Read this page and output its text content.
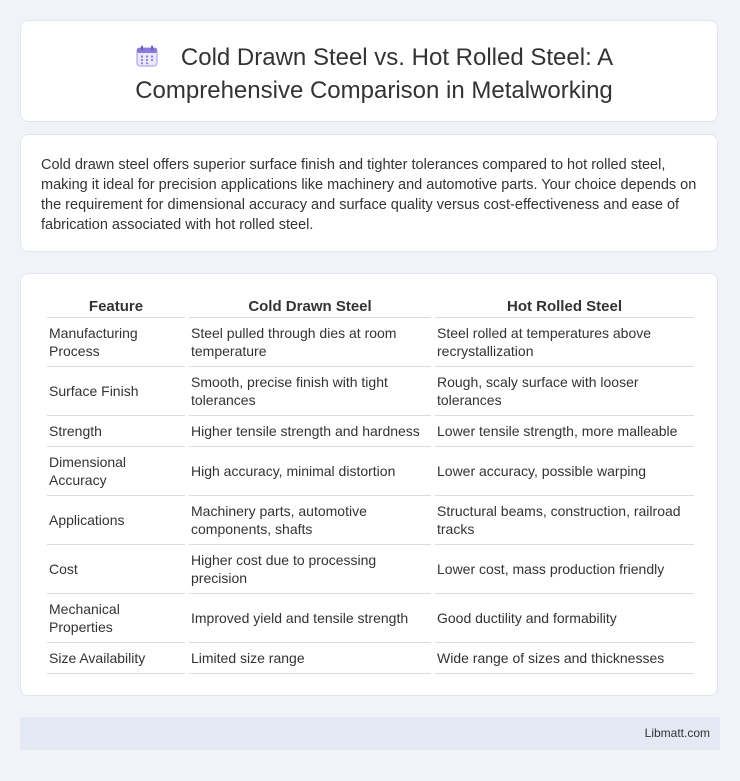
Cold Drawn Steel vs. Hot Rolled Steel: A Comprehensive Comparison in Metalworking
Cold drawn steel offers superior surface finish and tighter tolerances compared to hot rolled steel, making it ideal for precision applications like machinery and automotive parts. Your choice depends on the requirement for dimensional accuracy and surface quality versus cost-effectiveness and ease of fabrication associated with hot rolled steel.
Feature	Cold Drawn Steel	Hot Rolled Steel
Manufacturing Process	Steel pulled through dies at room temperature	Steel rolled at temperatures above recrystallization
Surface Finish	Smooth, precise finish with tight tolerances	Rough, scaly surface with looser tolerances
Strength	Higher tensile strength and hardness	Lower tensile strength, more malleable
Dimensional Accuracy	High accuracy, minimal distortion	Lower accuracy, possible warping
Applications	Machinery parts, automotive components, shafts	Structural beams, construction, railroad tracks
Cost	Higher cost due to processing precision	Lower cost, mass production friendly
Mechanical Properties	Improved yield and tensile strength	Good ductility and formability
Size Availability	Limited size range	Wide range of sizes and thicknesses
Libmatt.com
